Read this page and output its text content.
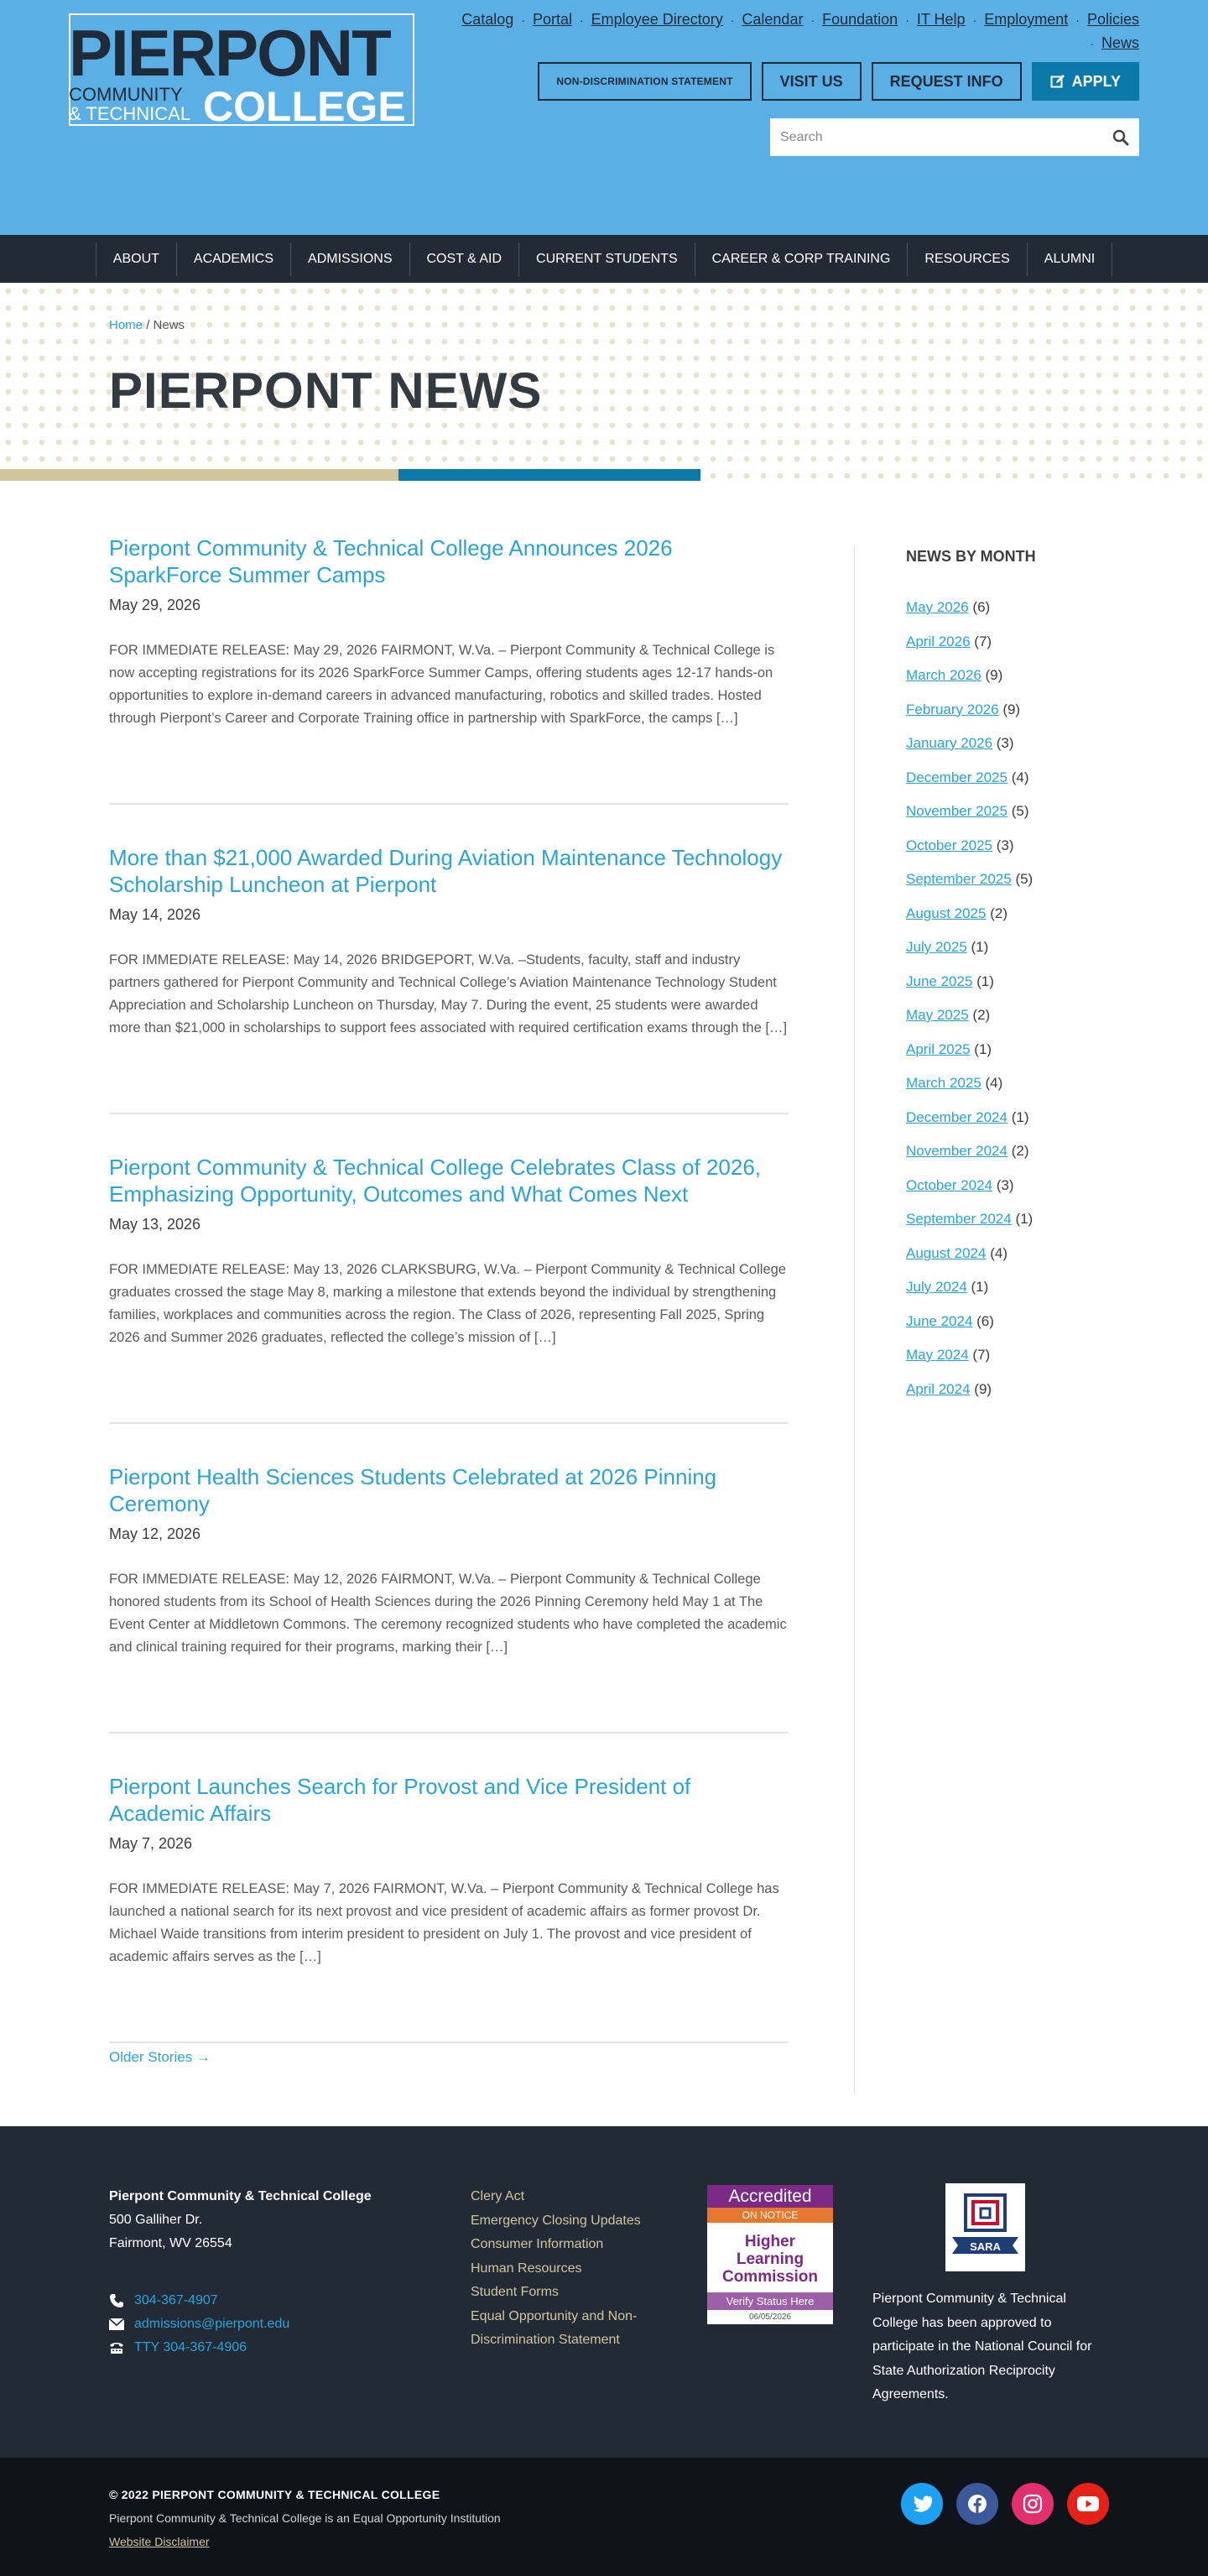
PIERPONT
COMMUNITY
& TECHNICAL COLLEGE
Catalog · Portal · Employee Directory · Calendar · Foundation · IT Help · Employment · Policies
· News
NON-DISCRIMINATION STATEMENT	VISIT US	REQUEST INFO	APPLY
Search
ABOUT	ACADEMICS	ADMISSIONS	COST & AID	CURRENT STUDENTS	CAREER & CORP TRAINING	RESOURCES	ALUMNI
Home / News
PIERPONT NEWS
Pierpont Community & Technical College Announces 2026 SparkForce Summer Camps

May 29, 2026

FOR IMMEDIATE RELEASE: May 29, 2026 FAIRMONT, W.Va. – Pierpont Community & Technical College is now accepting registrations for its 2026 SparkForce Summer Camps, offering students ages 12-17 hands-on opportunities to explore in-demand careers in advanced manufacturing, robotics and skilled trades. Hosted through Pierpont’s Career and Corporate Training office in partnership with SparkForce, the camps […]

More than $21,000 Awarded During Aviation Maintenance Technology Scholarship Luncheon at Pierpont

May 14, 2026

FOR IMMEDIATE RELEASE: May 14, 2026 BRIDGEPORT, W.Va. –Students, faculty, staff and industry partners gathered for Pierpont Community and Technical College’s Aviation Maintenance Technology Student Appreciation and Scholarship Luncheon on Thursday, May 7. During the event, 25 students were awarded more than $21,000 in scholarships to support fees associated with required certification exams through the […]

Pierpont Community & Technical College Celebrates Class of 2026, Emphasizing Opportunity, Outcomes and What Comes Next

May 13, 2026

FOR IMMEDIATE RELEASE: May 13, 2026 CLARKSBURG, W.Va. – Pierpont Community & Technical College graduates crossed the stage May 8, marking a milestone that extends beyond the individual by strengthening families, workplaces and communities across the region. The Class of 2026, representing Fall 2025, Spring 2026 and Summer 2026 graduates, reflected the college’s mission of […]

Pierpont Health Sciences Students Celebrated at 2026 Pinning Ceremony

May 12, 2026

FOR IMMEDIATE RELEASE: May 12, 2026 FAIRMONT, W.Va. – Pierpont Community & Technical College honored students from its School of Health Sciences during the 2026 Pinning Ceremony held May 1 at The Event Center at Middletown Commons. The ceremony recognized students who have completed the academic and clinical training required for their programs, marking their […]

Pierpont Launches Search for Provost and Vice President of Academic Affairs

May 7, 2026

FOR IMMEDIATE RELEASE: May 7, 2026 FAIRMONT, W.Va. – Pierpont Community & Technical College has launched a national search for its next provost and vice president of academic affairs as former provost Dr. Michael Waide transitions from interim president to president on July 1. The provost and vice president of academic affairs serves as the […]

Older Stories →
NEWS BY MONTH
May 2026 (6)
April 2026 (7)
March 2026 (9)
February 2026 (9)
January 2026 (3)
December 2025 (4)
November 2025 (5)
October 2025 (3)
September 2025 (5)
August 2025 (2)
July 2025 (1)
June 2025 (1)
May 2025 (2)
April 2025 (1)
March 2025 (4)
December 2024 (1)
November 2024 (2)
October 2024 (3)
September 2024 (1)
August 2024 (4)
July 2024 (1)
June 2024 (6)
May 2024 (7)
April 2024 (9)
Pierpont Community & Technical College
500 Galliher Dr.
Fairmont, WV 26554
304-367-4907
admissions@pierpont.edu
TTY 304-367-4906
Clery Act
Emergency Closing Updates
Consumer Information
Human Resources
Student Forms
Equal Opportunity and Non-Discrimination Statement
Accredited
ON NOTICE
Higher Learning Commission
Verify Status Here
06/05/2026
SARA

Pierpont Community & Technical College has been approved to participate in the National Council for State Authorization Reciprocity Agreements.

© 2022 PIERPONT COMMUNITY & TECHNICAL COLLEGE

Pierpont Community & Technical College is an Equal Opportunity Institution

Website Disclaimer
